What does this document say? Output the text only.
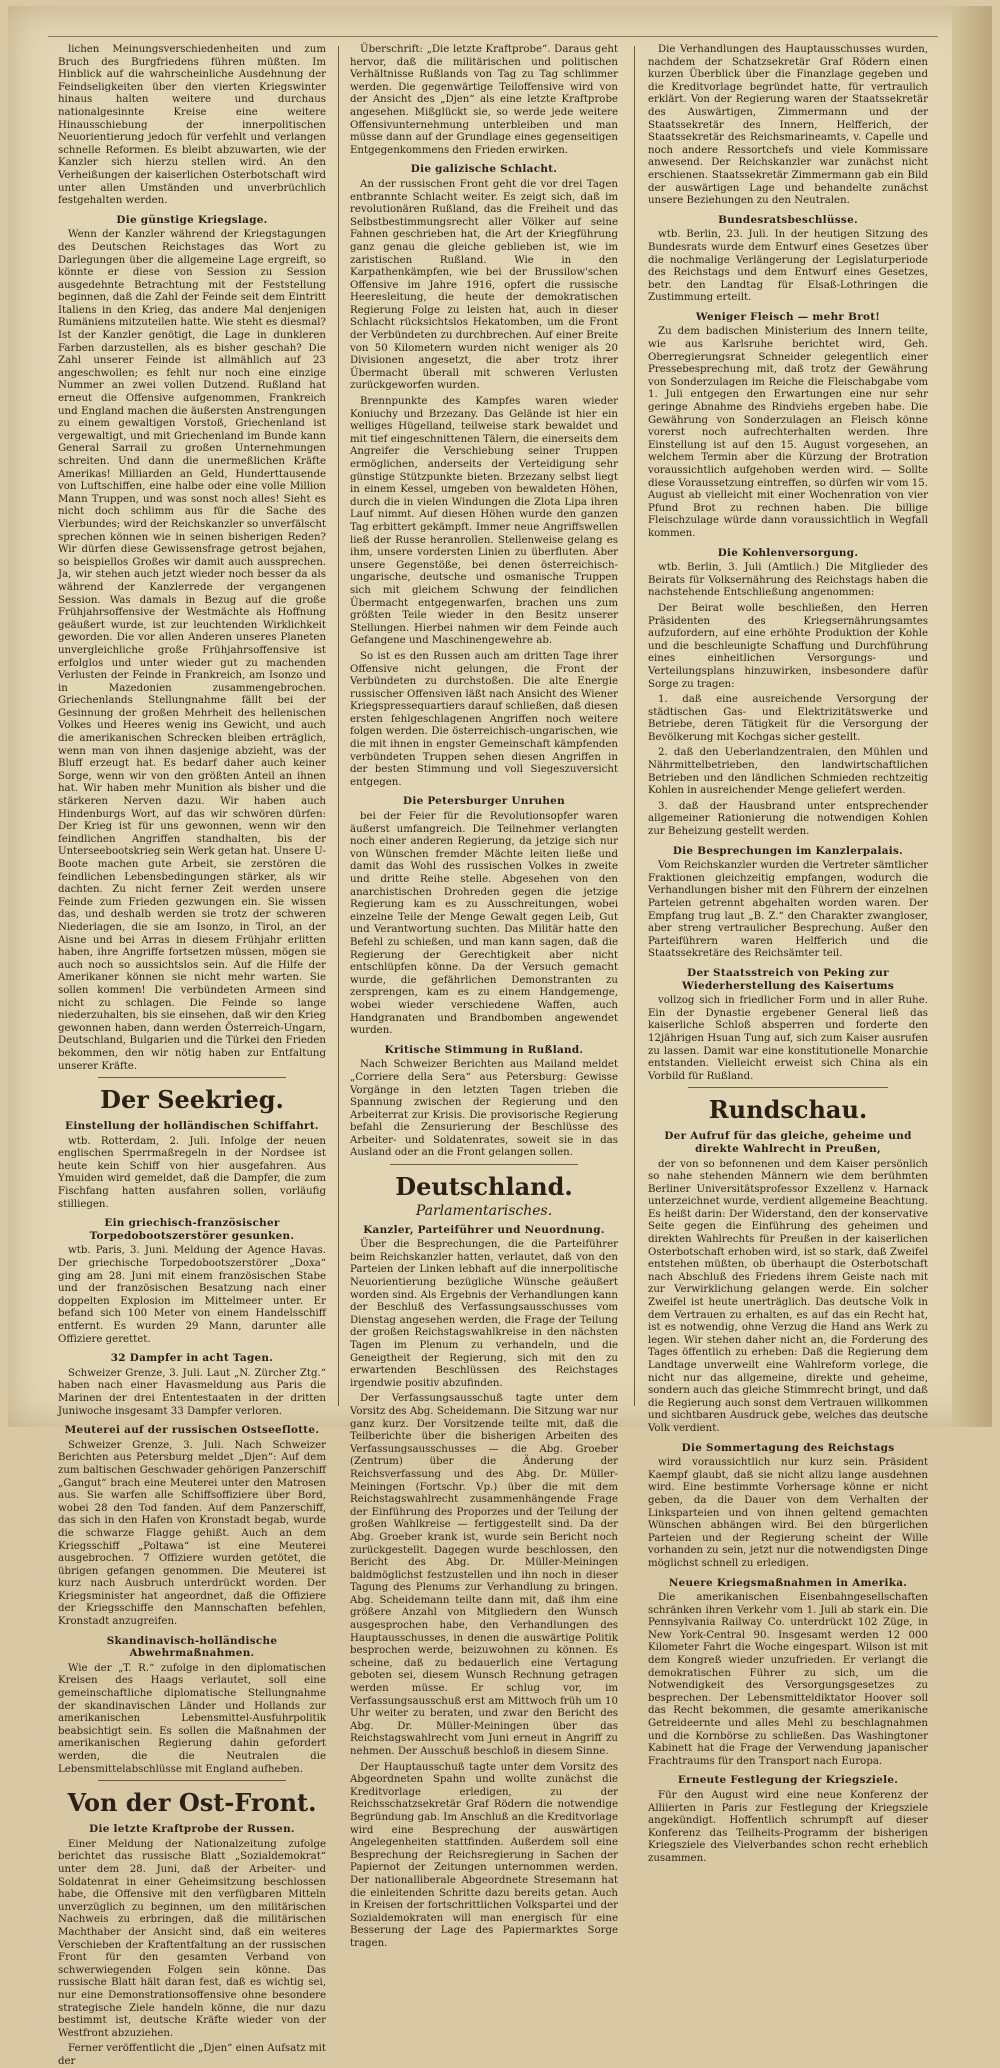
lichen Meinungsverschiedenheiten und zum Bruch des Burgfriedens führen müßten. Im Hinblick auf die wahrscheinliche Ausdehnung der Feindseligkeiten über den vierten Kriegswinter hinaus halten weitere und durchaus nationalgesinnte Kreise eine weitere Hinausschiebung der innerpolitischen Neuorientierung jedoch für verfehlt und verlangen schnelle Reformen. Es bleibt abzuwarten, wie der Kanzler sich hierzu stellen wird. An den Verheißungen der kaiserlichen Osterbotschaft wird unter allen Umständen und unverbrüchlich festgehalten werden.

Die günstige Kriegslage.

Wenn der Kanzler während der Kriegstagungen des Deutschen Reichstages das Wort zu Darlegungen über die allgemeine Lage ergreift, so könnte er diese von Session zu Session ausgedehnte Betrachtung mit der Feststellung beginnen, daß die Zahl der Feinde seit dem Eintritt Italiens in den Krieg, das andere Mal denjenigen Rumäniens mitzuteilen hatte. Wie steht es diesmal? Ist der Kanzler genötigt, die Lage in dunkleren Farben darzustellen, als es bisher geschah? Die Zahl unserer Feinde ist allmählich auf 23 angeschwollen; es fehlt nur noch eine einzige Nummer an zwei vollen Dutzend. Rußland hat erneut die Offensive aufgenommen, Frankreich und England machen die äußersten Anstrengungen zu einem gewaltigen Vorstoß, Griechenland ist vergewaltigt, und mit Griechenland im Bunde kann General Sarrail zu großen Unternehmungen schreiten. Und dann die unermeßlichen Kräfte Amerikas! Milliarden an Geld, Hunderttausende von Luftschiffen, eine halbe oder eine volle Million Mann Truppen, und was sonst noch alles! Sieht es nicht doch schlimm aus für die Sache des Vierbundes; wird der Reichskanzler so unverfälscht sprechen können wie in seinen bisherigen Reden? Wir dürfen diese Gewissensfrage getrost bejahen, so beispiellos Großes wir damit auch aussprechen. Ja, wir stehen auch jetzt wieder noch besser da als während der Kanzlerrede der vergangenen Session. Was damals in Bezug auf die große Frühjahrsoffensive der Westmächte als Hoffnung geäußert wurde, ist zur leuchtenden Wirklichkeit geworden. Die vor allen Anderen unseres Planeten unvergleichliche große Frühjahrsoffensive ist erfolglos und unter wieder gut zu machenden Verlusten der Feinde in Frankreich, am Isonzo und in Mazedonien zusammengebrochen. Griechenlands Stellungnahme fällt bei der Gesinnung der großen Mehrheit des hellenischen Volkes und Heeres wenig ins Gewicht, und auch die amerikanischen Schrecken bleiben erträglich, wenn man von ihnen dasjenige abzieht, was der Bluff erzeugt hat. Es bedarf daher auch keiner Sorge, wenn wir von den größten Anteil an ihnen hat. Wir haben mehr Munition als bisher und die stärkeren Nerven dazu. Wir haben auch Hindenburgs Wort, auf das wir schwören dürfen: Der Krieg ist für uns gewonnen, wenn wir den feindlichen Angriffen standhalten, bis der Unterseebootskrieg sein Werk getan hat. Unsere U-Boote machen gute Arbeit, sie zerstören die feindlichen Lebensbedingungen stärker, als wir dachten. Zu nicht ferner Zeit werden unsere Feinde zum Frieden gezwungen ein. Sie wissen das, und deshalb werden sie trotz der schweren Niederlagen, die sie am Isonzo, in Tirol, an der Aisne und bei Arras in diesem Frühjahr erlitten haben, ihre Angriffe fortsetzen müssen, mögen sie auch noch so aussichtslos sein. Auf die Hilfe der Amerikaner können sie nicht mehr warten. Sie sollen kommen! Die verbündeten Armeen sind nicht zu schlagen. Die Feinde so lange niederzuhalten, bis sie einsehen, daß wir den Krieg gewonnen haben, dann werden Österreich-Ungarn, Deutschland, Bulgarien und die Türkei den Frieden bekommen, den wir nötig haben zur Entfaltung unserer Kräfte.

Der Seekrieg.
Einstellung der holländischen Schiffahrt.

wtb. Rotterdam, 2. Juli. Infolge der neuen englischen Sperrmaßregeln in der Nordsee ist heute kein Schiff von hier ausgefahren. Aus Ymuiden wird gemeldet, daß die Dampfer, die zum Fischfang hatten ausfahren sollen, vorläufig stilliegen.

Ein griechisch-französischer Torpedobootszerstörer gesunken.

wtb. Paris, 3. Juni. Meldung der Agence Havas. Der griechische Torpedobootszerstörer „Doxa“ ging am 28. Juni mit einem französischen Stabe und der französischen Besatzung nach einer doppelten Explosion im Mittelmeer unter. Er befand sich 100 Meter von einem Handelsschiff entfernt. Es wurden 29 Mann, darunter alle Offiziere gerettet.

32 Dampfer in acht Tagen.

Schweizer Grenze, 3. Juli. Laut „N. Zürcher Ztg.“ haben nach einer Havasmeldung aus Paris die Marinen der drei Ententestaaten in der dritten Juniwoche insgesamt 33 Dampfer verloren.

Meuterei auf der russischen Ostseeflotte.

Schweizer Grenze, 3. Juli. Nach Schweizer Berichten aus Petersburg meldet „Djen“: Auf dem zum baltischen Geschwader gehörigen Panzerschiff „Gangut“ brach eine Meuterei unter den Matrosen aus. Sie warfen alle Schiffsoffiziere über Bord, wobei 28 den Tod fanden. Auf dem Panzerschiff, das sich in den Hafen von Kronstadt begab, wurde die schwarze Flagge gehißt. Auch an dem Kriegsschiff „Poltawa“ ist eine Meuterei ausgebrochen. 7 Offiziere wurden getötet, die übrigen gefangen genommen. Die Meuterei ist kurz nach Ausbruch unterdrückt worden. Der Kriegsminister hat angeordnet, daß die Offiziere der Kriegsschiffe den Mannschaften befehlen, Kronstadt anzugreifen.

Skandinavisch-holländische Abwehrmaßnahmen.

Wie der „T. R.“ zufolge in den diplomatischen Kreisen des Haags verlautet, soll eine gemeinschaftliche diplomatische Stellungnahme der skandinavischen Länder und Hollands zur amerikanischen Lebensmittel-Ausfuhrpolitik beabsichtigt sein. Es sollen die Maßnahmen der amerikanischen Regierung dahin gefordert werden, die die Neutralen die Lebensmittelabschlüsse mit England aufheben.

Von der Ost-Front.
Die letzte Kraftprobe der Russen.

Einer Meldung der Nationalzeitung zufolge berichtet das russische Blatt „Sozialdemokrat“ unter dem 28. Juni, daß der Arbeiter- und Soldatenrat in einer Geheimsitzung beschlossen habe, die Offensive mit den verfügbaren Mitteln unverzüglich zu beginnen, um den militärischen Nachweis zu erbringen, daß die militärischen Machthaber der Ansicht sind, daß ein weiteres Verschieben der Kraftentfaltung an der russischen Front für den gesamten Verband von schwerwiegenden Folgen sein könne. Das russische Blatt hält daran fest, daß es wichtig sei, nur eine Demonstrationsoffensive ohne besondere strategische Ziele handeln könne, die nur dazu bestimmt ist, deutsche Kräfte wieder von der Westfront abzuziehen.

Ferner veröffentlicht die „Djen“ einen Aufsatz mit der

Überschrift: „Die letzte Kraftprobe“. Daraus geht hervor, daß die militärischen und politischen Verhältnisse Rußlands von Tag zu Tag schlimmer werden. Die gegenwärtige Teiloffensive wird von der Ansicht des „Djen“ als eine letzte Kraftprobe angesehen. Mißglückt sie, so werde jede weitere Offensivunternehmung unterbleiben und man müsse dann auf der Grundlage eines gegenseitigen Entgegenkommens den Frieden erwirken.

Die galizische Schlacht.

An der russischen Front geht die vor drei Tagen entbrannte Schlacht weiter. Es zeigt sich, daß im revolutionären Rußland, das die Freiheit und das Selbstbestimmungsrecht aller Völker auf seine Fahnen geschrieben hat, die Art der Kriegführung ganz genau die gleiche geblieben ist, wie im zaristischen Rußland. Wie in den Karpathenkämpfen, wie bei der Brussilow'schen Offensive im Jahre 1916, opfert die russische Heeresleitung, die heute der demokratischen Regierung Folge zu leisten hat, auch in dieser Schlacht rücksichtslos Hekatomben, um die Front der Verbündeten zu durchbrechen. Auf einer Breite von 50 Kilometern wurden nicht weniger als 20 Divisionen angesetzt, die aber trotz ihrer Übermacht überall mit schweren Verlusten zurückgeworfen wurden.

Brennpunkte des Kampfes waren wieder Koniuchy und Brzezany. Das Gelände ist hier ein welliges Hügelland, teilweise stark bewaldet und mit tief eingeschnittenen Tälern, die einerseits dem Angreifer die Verschiebung seiner Truppen ermöglichen, anderseits der Verteidigung sehr günstige Stützpunkte bieten. Brzezany selbst liegt in einem Kessel, umgeben von bewaldeten Höhen, durch die in vielen Windungen die Zlota Lipa ihren Lauf nimmt. Auf diesen Höhen wurde den ganzen Tag erbittert gekämpft. Immer neue Angriffswellen ließ der Russe heranrollen. Stellenweise gelang es ihm, unsere vordersten Linien zu überfluten. Aber unsere Gegenstöße, bei denen österreichisch-ungarische, deutsche und osmanische Truppen sich mit gleichem Schwung der feindlichen Übermacht entgegenwarfen, brachen uns zum größten Teile wieder in den Besitz unserer Stellungen. Hierbei nahmen wir dem Feinde auch Gefangene und Maschinengewehre ab.

So ist es den Russen auch am dritten Tage ihrer Offensive nicht gelungen, die Front der Verbündeten zu durchstoßen. Die alte Energie russischer Offensiven läßt nach Ansicht des Wiener Kriegspressequartiers darauf schließen, daß diesen ersten fehlgeschlagenen Angriffen noch weitere folgen werden. Die österreichisch-ungarischen, wie die mit ihnen in engster Gemeinschaft kämpfenden verbündeten Truppen sehen diesen Angriffen in der besten Stimmung und voll Siegeszuversicht entgegen.

Die Petersburger Unruhen

bei der Feier für die Revolutionsopfer waren äußerst umfangreich. Die Teilnehmer verlangten noch einer anderen Regierung, da jetzige sich nur von Wünschen fremder Mächte leiten ließe und damit das Wohl des russischen Volkes in zweite und dritte Reihe stelle. Abgesehen von den anarchistischen Drohreden gegen die jetzige Regierung kam es zu Ausschreitungen, wobei einzelne Teile der Menge Gewalt gegen Leib, Gut und Verantwortung suchten. Das Militär hatte den Befehl zu schießen, und man kann sagen, daß die Regierung der Gerechtigkeit aber nicht entschlüpfen könne. Da der Versuch gemacht wurde, die gefährlichen Demonstranten zu zersprengen, kam es zu einem Handgemenge, wobei wieder verschiedene Waffen, auch Handgranaten und Brandbomben angewendet wurden.

Kritische Stimmung in Rußland.

Nach Schweizer Berichten aus Mailand meldet „Corriere della Sera“ aus Petersburg: Gewisse Vorgänge in den letzten Tagen trieben die Spannung zwischen der Regierung und den Arbeiterrat zur Krisis. Die provisorische Regierung befahl die Zensurierung der Beschlüsse des Arbeiter- und Soldatenrates, soweit sie in das Ausland oder an die Front gelangen sollen.

Deutschland.
Parlamentarisches.
Kanzler, Parteiführer und Neuordnung.

Über die Besprechungen, die die Parteiführer beim Reichskanzler hatten, verlautet, daß von den Parteien der Linken lebhaft auf die innerpolitische Neuorientierung bezügliche Wünsche geäußert worden sind. Als Ergebnis der Verhandlungen kann der Beschluß des Verfassungsausschusses vom Dienstag angesehen werden, die Frage der Teilung der großen Reichstagswahlkreise in den nächsten Tagen im Plenum zu verhandeln, und die Geneigtheit der Regierung, sich mit den zu erwartenden Beschlüssen des Reichstages irgendwie positiv abzufinden.

Der Verfassungsausschuß tagte unter dem Vorsitz des Abg. Scheidemann. Die Sitzung war nur ganz kurz. Der Vorsitzende teilte mit, daß die Teilberichte über die bisherigen Arbeiten des Verfassungsausschusses — die Abg. Groeber (Zentrum) über die Änderung der Reichsverfassung und des Abg. Dr. Müller-Meiningen (Fortschr. Vp.) über die mit dem Reichstagswahlrecht zusammenhängende Frage der Einführung des Proporzes und der Teilung der großen Wahlkreise — fertiggestellt sind. Da der Abg. Groeber krank ist, wurde sein Bericht noch zurückgestellt. Dagegen wurde beschlossen, den Bericht des Abg. Dr. Müller-Meiningen baldmöglichst festzustellen und ihn noch in dieser Tagung des Plenums zur Verhandlung zu bringen. Abg. Scheidemann teilte dann mit, daß ihm eine größere Anzahl von Mitgliedern den Wunsch ausgesprochen habe, den Verhandlungen des Hauptausschusses, in denen die auswärtige Politik besprochen werde, beizuwohnen zu können. Es scheine, daß zu bedauerlich eine Vertagung geboten sei, diesem Wunsch Rechnung getragen werden müsse. Er schlug vor, im Verfassungsausschuß erst am Mittwoch früh um 10 Uhr weiter zu beraten, und zwar den Bericht des Abg. Dr. Müller-Meiningen über das Reichstagswahlrecht vom Juni erneut in Angriff zu nehmen. Der Ausschuß beschloß in diesem Sinne.

Der Hauptausschuß tagte unter dem Vorsitz des Abgeordneten Spahn und wollte zunächst die Kreditvorlage erledigen, zu der Reichsschatzsekretär Graf Rödern die notwendige Begründung gab. Im Anschluß an die Kreditvorlage wird eine Besprechung der auswärtigen Angelegenheiten stattfinden. Außerdem soll eine Besprechung der Reichsregierung in Sachen der Papiernot der Zeitungen unternommen werden. Der nationalliberale Abgeordnete Stresemann hat die einleitenden Schritte dazu bereits getan. Auch in Kreisen der fortschrittlichen Volkspartei und der Sozialdemokraten will man energisch für eine Besserung der Lage des Papiermarktes Sorge tragen.

Die Verhandlungen des Hauptausschusses wurden, nachdem der Schatzsekretär Graf Rödern einen kurzen Überblick über die Finanzlage gegeben und die Kreditvorlage begründet hatte, für vertraulich erklärt. Von der Regierung waren der Staatssekretär des Auswärtigen, Zimmermann und der Staatssekretär des Innern, Helfferich, der Staatssekretär des Reichsmarineamts, v. Capelle und noch andere Ressortchefs und viele Kommissare anwesend. Der Reichskanzler war zunächst nicht erschienen. Staatssekretär Zimmermann gab ein Bild der auswärtigen Lage und behandelte zunächst unsere Beziehungen zu den Neutralen.

Bundesratsbeschlüsse.

wtb. Berlin, 23. Juli. In der heutigen Sitzung des Bundesrats wurde dem Entwurf eines Gesetzes über die nochmalige Verlängerung der Legislaturperiode des Reichstags und dem Entwurf eines Gesetzes, betr. den Landtag für Elsaß-Lothringen die Zustimmung erteilt.

Weniger Fleisch — mehr Brot!

Zu dem badischen Ministerium des Innern teilte, wie aus Karlsruhe berichtet wird, Geh. Oberregierungsrat Schneider gelegentlich einer Pressebesprechung mit, daß trotz der Gewährung von Sonderzulagen im Reiche die Fleischabgabe vom 1. Juli entgegen den Erwartungen eine nur sehr geringe Abnahme des Rindviehs ergeben habe. Die Gewährung von Sonderzulagen an Fleisch könne vorerst noch aufrechterhalten werden. Ihre Einstellung ist auf den 15. August vorgesehen, an welchem Termin aber die Kürzung der Brotration voraussichtlich aufgehoben werden wird. — Sollte diese Voraussetzung eintreffen, so dürfen wir vom 15. August ab vielleicht mit einer Wochenration von vier Pfund Brot zu rechnen haben. Die billige Fleischzulage würde dann voraussichtlich in Wegfall kommen.

Die Kohlenversorgung.

wtb. Berlin, 3. Juli (Amtlich.) Die Mitglieder des Beirats für Volksernährung des Reichstags haben die nachstehende Entschließung angenommen:

Der Beirat wolle beschließen, den Herren Präsidenten des Kriegsernährungsamtes aufzufordern, auf eine erhöhte Produktion der Kohle und die beschleunigte Schaffung und Durchführung eines einheitlichen Versorgungs- und Verteilungsplans hinzuwirken, insbesondere dafür Sorge zu tragen:

1. daß eine ausreichende Versorgung der städtischen Gas- und Elektrizitätswerke und Betriebe, deren Tätigkeit für die Versorgung der Bevölkerung mit Kochgas sicher gestellt.

2. daß den Ueberlandzentralen, den Mühlen und Nährmittelbetrieben, den landwirtschaftlichen Betrieben und den ländlichen Schmieden rechtzeitig Kohlen in ausreichender Menge geliefert werden.

3. daß der Hausbrand unter entsprechender allgemeiner Rationierung die notwendigen Kohlen zur Beheizung gestellt werden.

Die Besprechungen im Kanzlerpalais.

Vom Reichskanzler wurden die Vertreter sämtlicher Fraktionen gleichzeitig empfangen, wodurch die Verhandlungen bisher mit den Führern der einzelnen Parteien getrennt abgehalten worden waren. Der Empfang trug laut „B. Z.“ den Charakter zwangloser, aber streng vertraulicher Besprechung. Außer den Parteiführern waren Helfferich und die Staatssekretäre des Reichsämter teil.

Der Staatsstreich von Peking zur Wiederherstellung des Kaisertums

vollzog sich in friedlicher Form und in aller Ruhe. Ein der Dynastie ergebener General ließ das kaiserliche Schloß absperren und forderte den 12jährigen Hsuan Tung auf, sich zum Kaiser ausrufen zu lassen. Damit war eine konstitutionelle Monarchie entstanden. Vielleicht erweist sich China als ein Vorbild für Rußland.

Rundschau.
Der Aufruf für das gleiche, geheime und direkte Wahlrecht in Preußen,

der von so befonnenen und dem Kaiser persönlich so nahe stehenden Männern wie dem berühmten Berliner Universitätsprofessor Exzellenz v. Harnack unterzeichnet wurde, verdient allgemeine Beachtung. Es heißt darin: Der Widerstand, den der konservative Seite gegen die Einführung des geheimen und direkten Wahlrechts für Preußen in der kaiserlichen Osterbotschaft erhoben wird, ist so stark, daß Zweifel entstehen müßten, ob überhaupt die Osterbotschaft nach Abschluß des Friedens ihrem Geiste nach mit zur Verwirklichung gelangen werde. Ein solcher Zweifel ist heute unerträglich. Das deutsche Volk in dem Vertrauen zu erhalten, es auf das ein Recht hat, ist es notwendig, ohne Verzug die Hand ans Werk zu legen. Wir stehen daher nicht an, die Forderung des Tages öffentlich zu erheben: Daß die Regierung dem Landtage unverweilt eine Wahlreform vorlege, die nicht nur das allgemeine, direkte und geheime, sondern auch das gleiche Stimmrecht bringt, und daß die Regierung auch sonst dem Vertrauen willkommen und sichtbaren Ausdruck gebe, welches das deutsche Volk verdient.

Die Sommertagung des Reichstags

wird voraussichtlich nur kurz sein. Präsident Kaempf glaubt, daß sie nicht allzu lange ausdehnen wird. Eine bestimmte Vorhersage könne er nicht geben, da die Dauer von dem Verhalten der Linksparteien und von ihnen geltend gemachten Wünschen abhängen wird. Bei den bürgerlichen Parteien und der Regierung scheint der Wille vorhanden zu sein, jetzt nur die notwendigsten Dinge möglichst schnell zu erledigen.

Neuere Kriegsmaßnahmen in Amerika.

Die amerikanischen Eisenbahngesellschaften schränken ihren Verkehr vom 1. Juli ab stark ein. Die Pennsylvania Railway Co. unterdrückt 102 Züge, in New York-Central 90. Insgesamt werden 12 000 Kilometer Fahrt die Woche eingespart. Wilson ist mit dem Kongreß wieder unzufrieden. Er verlangt die demokratischen Führer zu sich, um die Notwendigkeit des Versorgungsgesetzes zu besprechen. Der Lebensmitteldiktator Hoover soll das Recht bekommen, die gesamte amerikanische Getreideernte und alles Mehl zu beschlagnahmen und die Kornbörse zu schließen. Das Washingtoner Kabinett hat die Frage der Verwendung japanischer Frachtraums für den Transport nach Europa.

Erneute Festlegung der Kriegsziele.

Für den August wird eine neue Konferenz der Alliierten in Paris zur Festlegung der Kriegsziele angekündigt. Hoffentlich schrumpft auf dieser Konferenz das Teilheits-Programm der bisherigen Kriegsziele des Vielverbandes schon recht erheblich zusammen.
